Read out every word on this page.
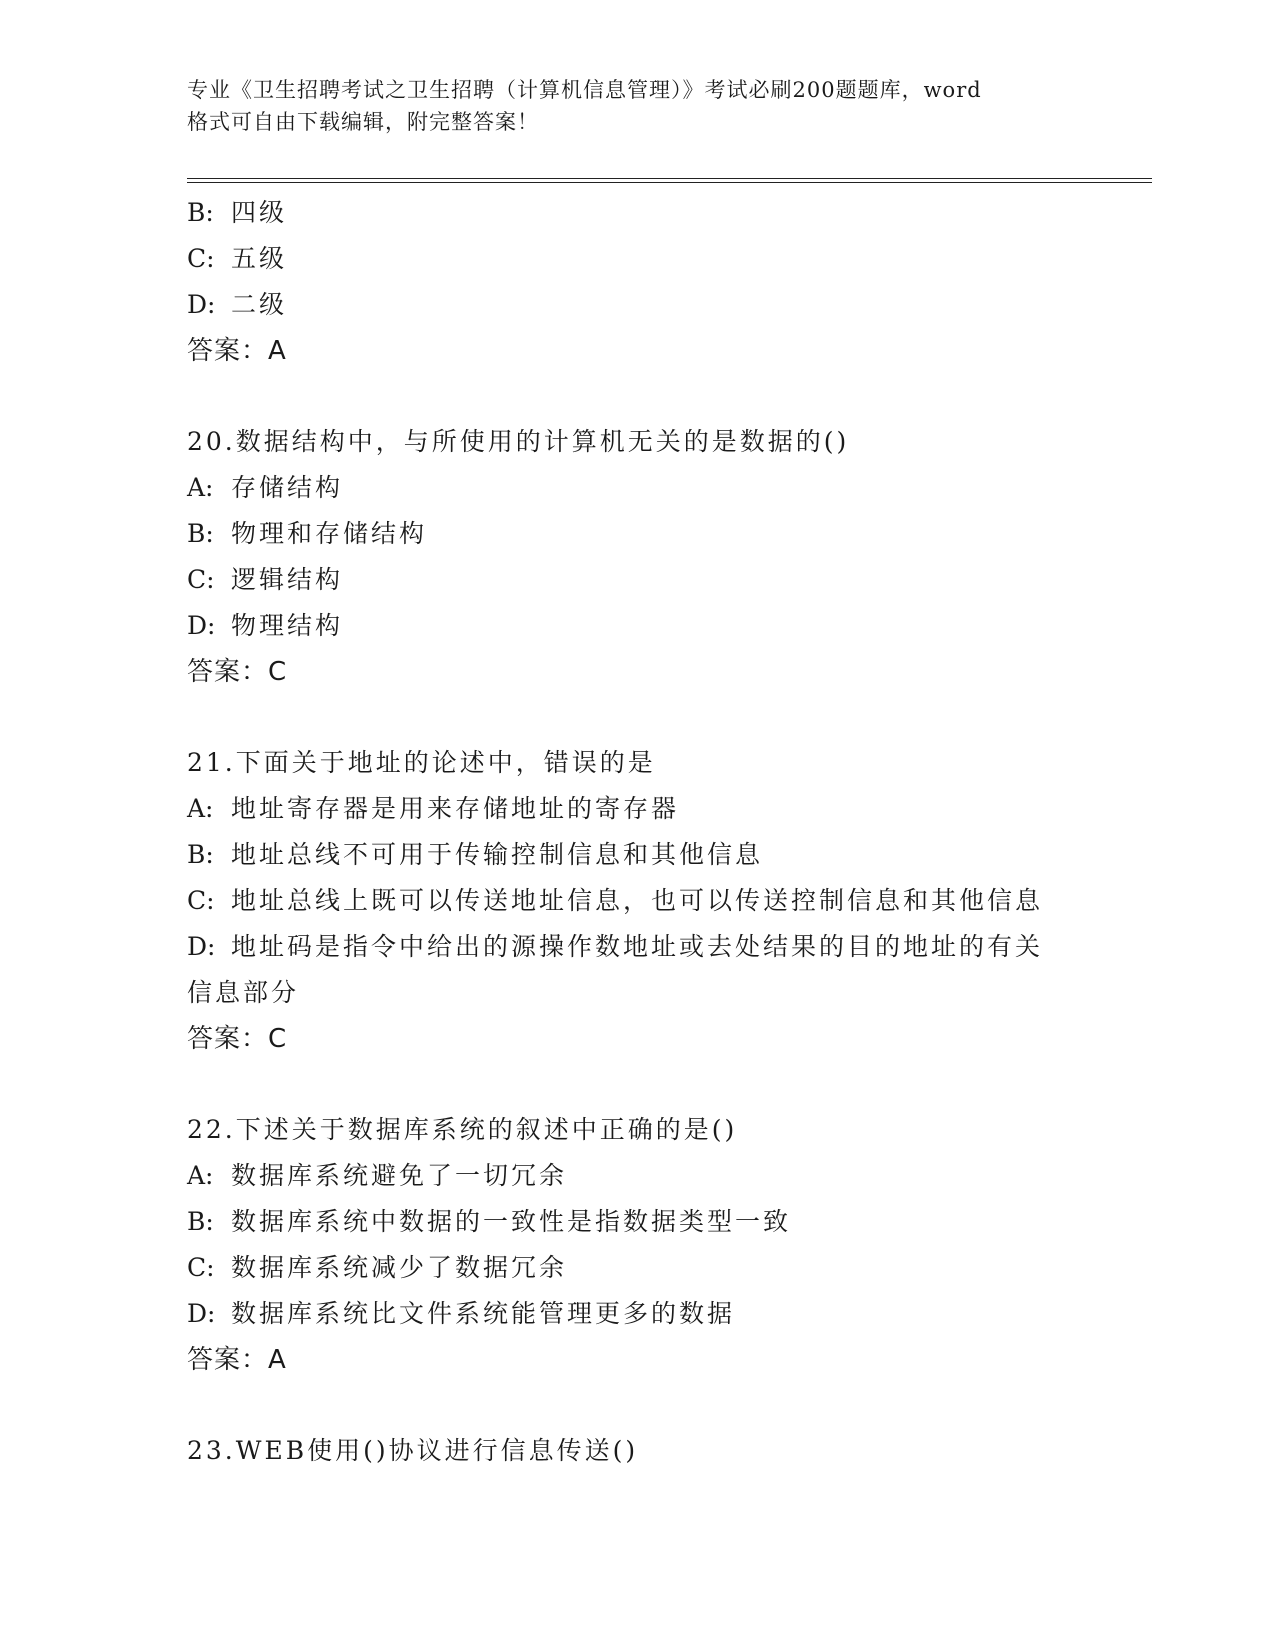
专业《卫生招聘考试之卫生招聘（计算机信息管理）》考试必刷200题题库，word
格式可自由下载编辑，附完整答案！
B: 四级
C: 五级
D: 二级
答案：A
20.数据结构中，与所使用的计算机无关的是数据的()
A: 存储结构
B: 物理和存储结构
C: 逻辑结构
D: 物理结构
答案：C
21.下面关于地址的论述中，错误的是
A: 地址寄存器是用来存储地址的寄存器
B: 地址总线不可用于传输控制信息和其他信息
C: 地址总线上既可以传送地址信息，也可以传送控制信息和其他信息
D: 地址码是指令中给出的源操作数地址或去处结果的目的地址的有关
信息部分
答案：C
22.下述关于数据库系统的叙述中正确的是()
A: 数据库系统避免了一切冗余
B: 数据库系统中数据的一致性是指数据类型一致
C: 数据库系统减少了数据冗余
D: 数据库系统比文件系统能管理更多的数据
答案：A
23.WEB使用()协议进行信息传送()
